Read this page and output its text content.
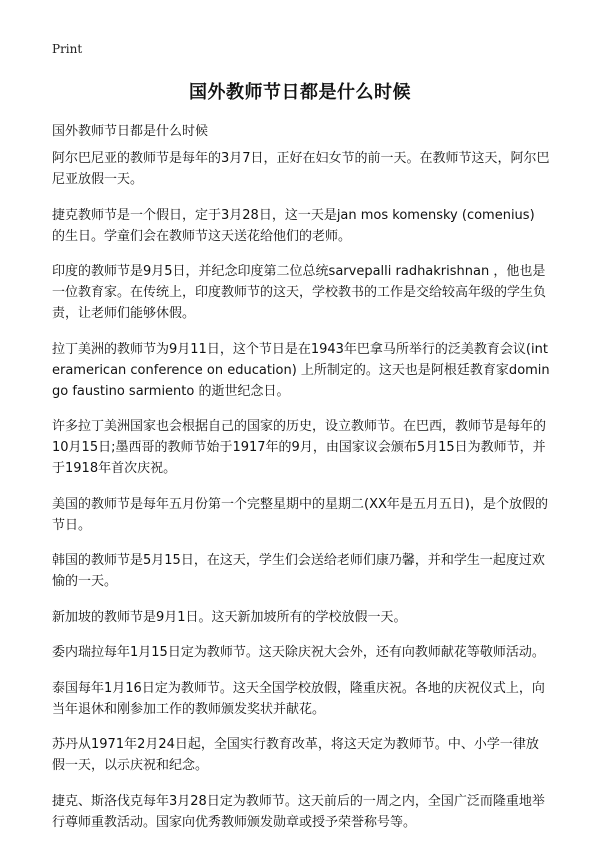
Print
国外教师节日都是什么时候

国外教师节日都是什么时候

阿尔巴尼亚的教师节是每年的3月7日，正好在妇女节的前一天。在教师节这天，阿尔巴尼亚放假一天。

捷克教师节是一个假日，定于3月28日，这一天是jan mos komensky (comenius) 的生日。学童们会在教师节这天送花给他们的老师。

印度的教师节是9月5日，并纪念印度第二位总统sarvepalli radhakrishnan ，他也是一位教育家。在传统上，印度教师节的这天，学校教书的工作是交给较高年级的学生负责，让老师们能够休假。

拉丁美洲的教师节为9月11日，这个节日是在1943年巴拿马所举行的泛美教育会议(interamerican conference on education) 上所制定的。这天也是阿根廷教育家domingo faustino sarmiento 的逝世纪念日。

许多拉丁美洲国家也会根据自己的国家的历史，设立教师节。在巴西，教师节是每年的10月15日;墨西哥的教师节始于1917年的9月，由国家议会颁布5月15日为教师节，并于1918年首次庆祝。

美国的教师节是每年五月份第一个完整星期中的星期二(XX年是五月五日)，是个放假的节日。

韩国的教师节是5月15日，在这天，学生们会送给老师们康乃馨，并和学生一起度过欢愉的一天。

新加坡的教师节是9月1日。这天新加坡所有的学校放假一天。

委内瑞拉每年1月15日定为教师节。这天除庆祝大会外，还有向教师献花等敬师活动。

泰国每年1月16日定为教师节。这天全国学校放假，隆重庆祝。各地的庆祝仪式上，向当年退休和刚参加工作的教师颁发奖状并献花。

苏丹从1971年2月24日起，全国实行教育改革，将这天定为教师节。中、小学一律放假一天，以示庆祝和纪念。

捷克、斯洛伐克每年3月28日定为教师节。这天前后的一周之内，全国广泛而隆重地举行尊师重教活动。国家向优秀教师颁发勋章或授予荣誉称号等。
